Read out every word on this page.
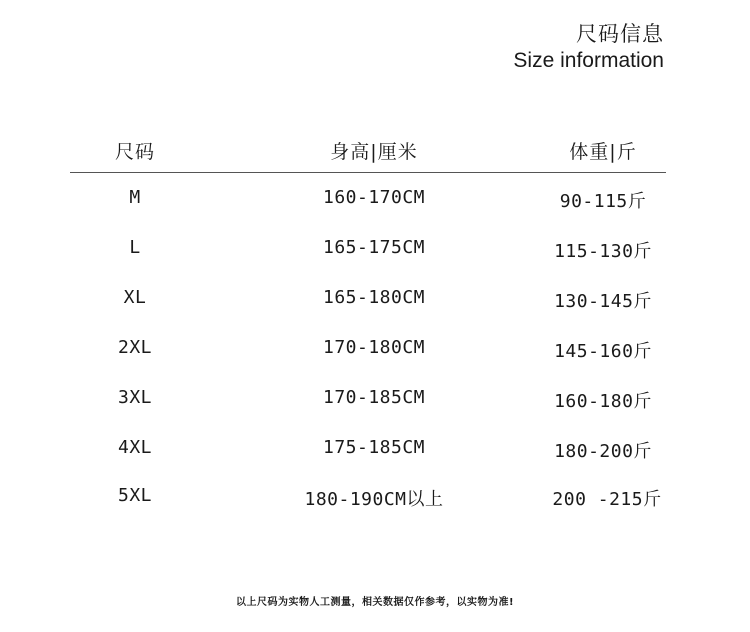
尺码信息
Size information
尺码	身高|厘米	体重|斤
M	160-170CM	90-115斤
L	165-175CM	115-130斤
XL	165-180CM	130-145斤
2XL	170-180CM	145-160斤
3XL	170-185CM	160-180斤
4XL	175-185CM	180-200斤
5XL	180-190CM以上	200 -215斤
以上尺码为实物人工测量，相关数据仅作参考，以实物为准!
